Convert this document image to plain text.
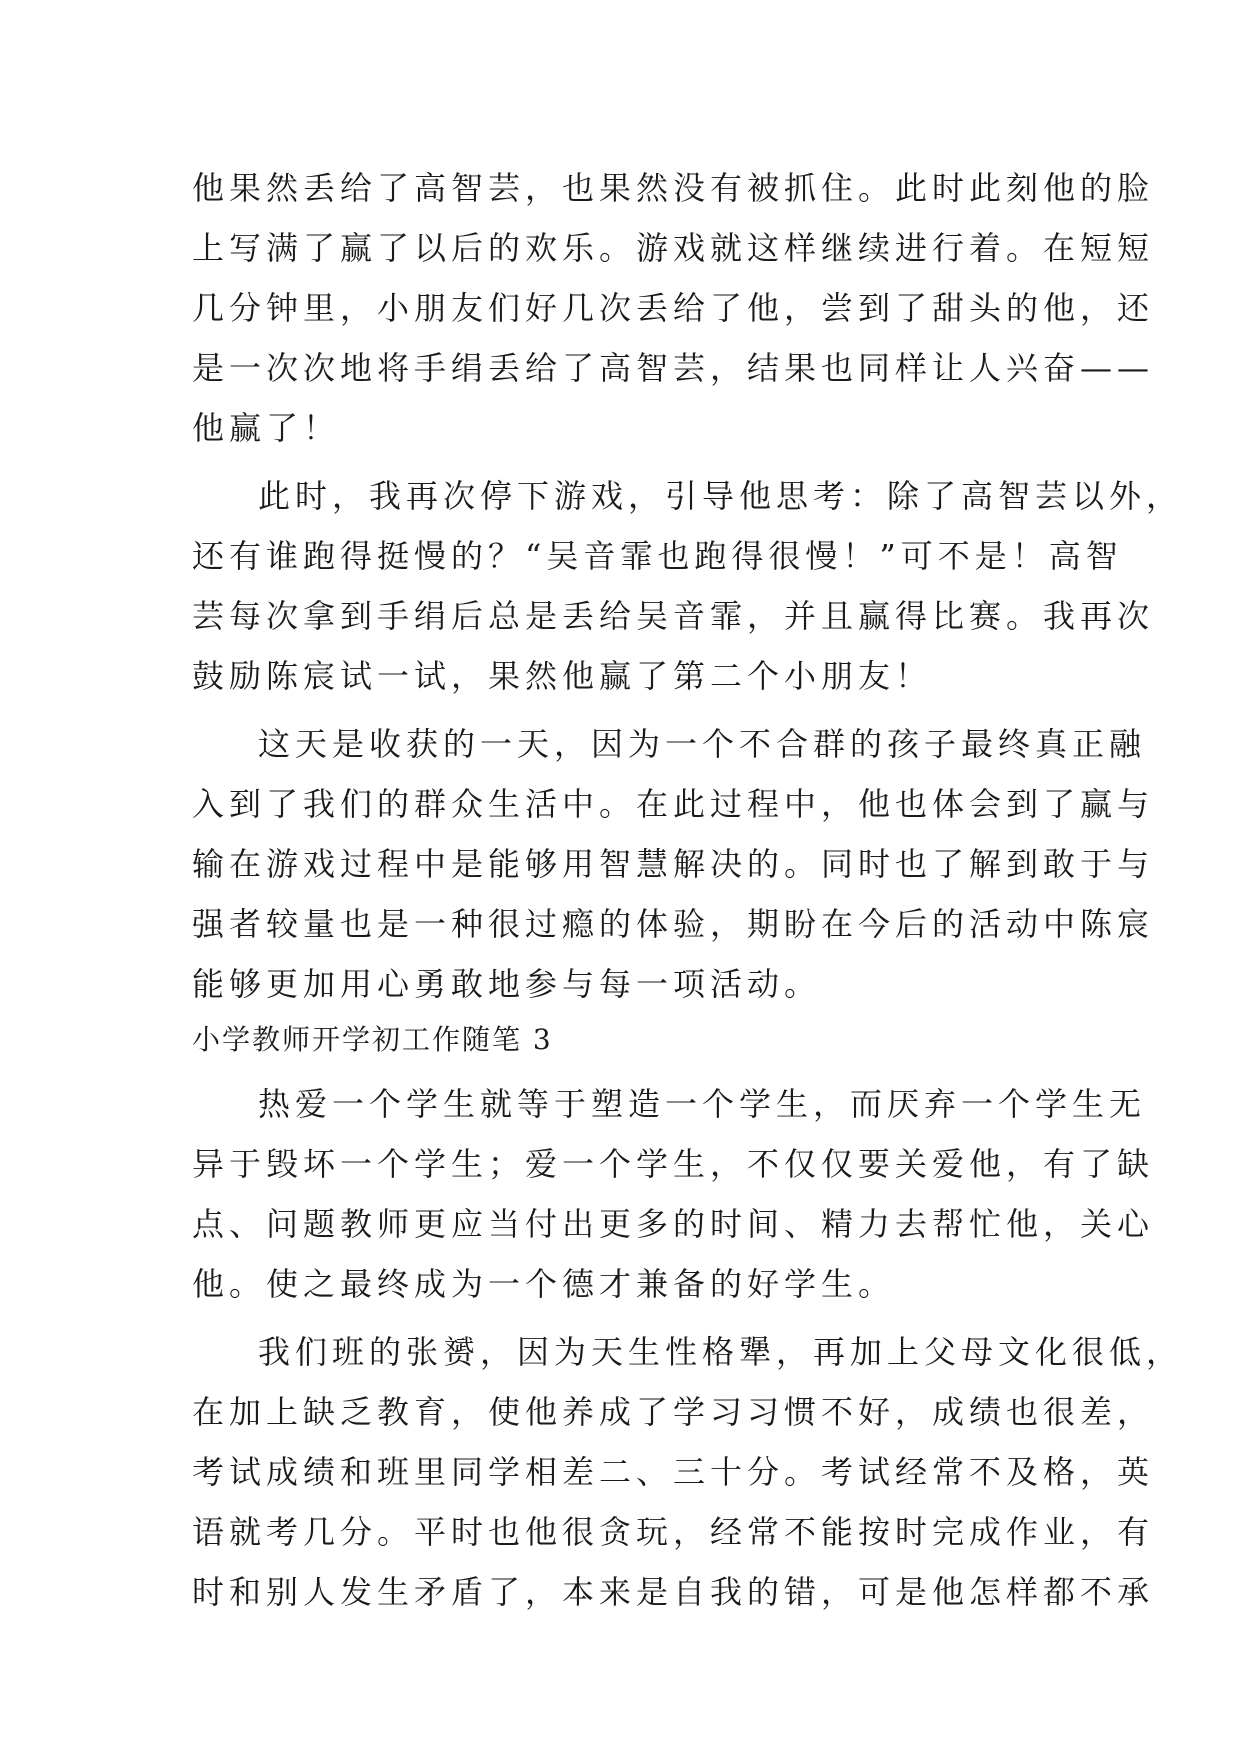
他果然丢给了高智芸，也果然没有被抓住。此时此刻他的脸
上写满了赢了以后的欢乐。游戏就这样继续进行着。在短短
几分钟里，小朋友们好几次丢给了他，尝到了甜头的他，还
是一次次地将手绢丢给了高智芸，结果也同样让人兴奋——
他赢了！
此时，我再次停下游戏，引导他思考：除了高智芸以外，
还有谁跑得挺慢的？“吴音霏也跑得很慢！”可不是！高智
芸每次拿到手绢后总是丢给吴音霏，并且赢得比赛。我再次
鼓励陈宸试一试，果然他赢了第二个小朋友！
这天是收获的一天，因为一个不合群的孩子最终真正融
入到了我们的群众生活中。在此过程中，他也体会到了赢与
输在游戏过程中是能够用智慧解决的。同时也了解到敢于与
强者较量也是一种很过瘾的体验，期盼在今后的活动中陈宸
能够更加用心勇敢地参与每一项活动。
小学教师开学初工作随笔 3
热爱一个学生就等于塑造一个学生，而厌弃一个学生无
异于毁坏一个学生；爱一个学生，不仅仅要关爱他，有了缺
点、问题教师更应当付出更多的时间、精力去帮忙他，关心
他。使之最终成为一个德才兼备的好学生。
我们班的张赟，因为天生性格犟，再加上父母文化很低，
在加上缺乏教育，使他养成了学习习惯不好，成绩也很差，
考试成绩和班里同学相差二、三十分。考试经常不及格，英
语就考几分。平时也他很贪玩，经常不能按时完成作业，有
时和别人发生矛盾了，本来是自我的错，可是他怎样都不承
